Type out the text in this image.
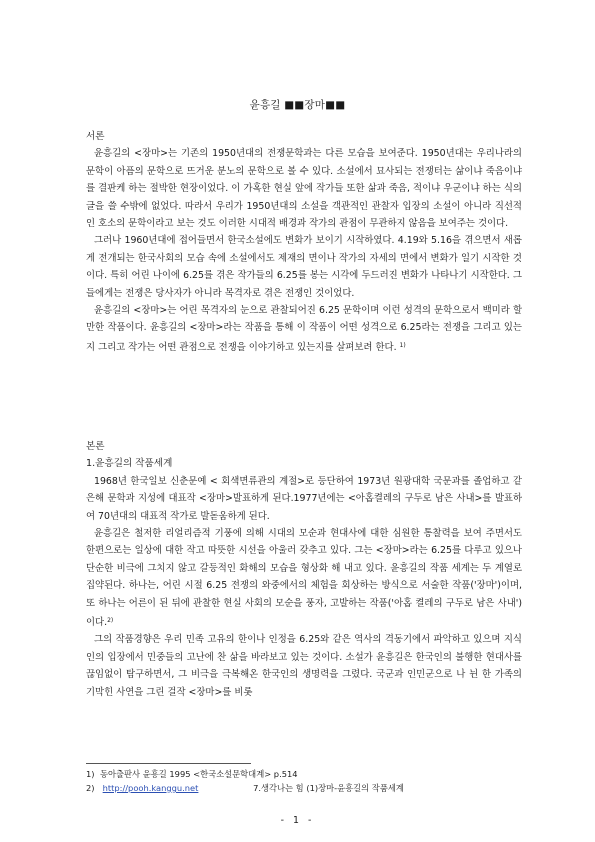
윤흥길 ■■장마■■

서론

윤흥길의 <장마>는 기존의 1950년대의 전쟁문학과는 다른 모습을 보여준다. 1950년대는 우리나라의 문학이 아픔의 문학으로 뜨거운 분노의 문학으로 볼 수 있다. 소설에서 묘사되는 전쟁터는 삶이냐 죽음이냐를 결판케 하는 절박한 현장이었다. 이 가혹한 현실 앞에 작가들 또한 삶과 죽음, 적이냐 우군이냐 하는 식의 글을 쓸 수밖에 없었다. 따라서 우리가 1950년대의 소설을 객관적인 관찰자 입장의 소설이 아니라 직선적인 호소의 문학이라고 보는 것도 이러한 시대적 배경과 작가의 관점이 무관하지 않음을 보여주는 것이다.

그러나 1960년대에 접어들면서 한국소설에도 변화가 보이기 시작하였다. 4.19와 5.16을 겪으면서 새롭게 전개되는 한국사회의 모습 속에 소설에서도 제재의 면이나 작가의 자세의 면에서 변화가 일기 시작한 것이다. 특히 어린 나이에 6.25를 겪은 작가들의 6.25를 봉는 시각에 두드러진 변화가 나타나기 시작한다. 그들에게는 전쟁은 당사자가 아니라 목격자로 겪은 전쟁인 것이었다.

윤흥길의 <장마>는 어린 목격자의 눈으로 관찰되어진 6.25 문학이며 이런 성격의 문학으로서 백미라 할 만한 작품이다. 윤흥길의 <장마>라는 작품을 통해 이 작품이 어떤 성격으로 6.25라는 전쟁을 그리고 있는지 그리고 작가는 어떤 관점으로 전쟁을 이야기하고 있는지를 살펴보려 한다. $^{1)}$

본론

1.윤흥길의 작품세계

1968년 한국일보 신춘문예 < 회색면류관의 계절>로 등단하여 1973년 원광대학 국문과를 졸업하고 같은해 문학과 지성에 대표작 <장마>발표하게 된다.1977년에는 <아홉켤레의 구두로 남은 사내>를 발표하여 70년대의 대표적 작가로 발돋움하게 된다.

윤흥길은 철저한 리얼리즘적 기풍에 의해 시대의 모순과 현대사에 대한 심원한 통찰력을 보여 주면서도 한편으로는 일상에 대한 작고 따뜻한 시선을 아울러 갖추고 있다. 그는 <장마>라는 6.25를 다루고 있으나 단순한 비극에 그치지 않고 갈등적인 화해의 모습을 형상화 해 내고 있다. 윤흥길의 작품 세계는 두 계열로 집약된다. 하나는, 어린 시절 6.25 전쟁의 와중에서의 체험을 회상하는 방식으로 서술한 작품('장마')이며, 또 하나는 어른이 된 뒤에 관찰한 현실 사회의 모순을 풍자, 고발하는 작품('아홉 켤레의 구두로 남은 사내')이다.$^{2)}$

그의 작품경향은 우리 민족 고유의 한이나 인정을 6.25와 같은 역사의 격동기에서 파악하고 있으며 지식인의 입장에서 민중들의 고난에 찬 삶을 바라보고 있는 것이다. 소설가 윤흥길은 한국인의 불행한 현대사를 끊임없이 탐구하면서, 그 비극을 극복해온 한국인의 생명력을 그렸다. 국군과 인민군으로 나 뉜 한 가족의 기막힌 사연을 그린 걸작 <장마>를 비롯

1) 동아출판사 윤흥길 1995 <한국소설문학대계> p.514
2) http://pooh.kanggu.net	7.생각나는 힘 (1)장마-윤흥길의 작품세계
- 1 -
